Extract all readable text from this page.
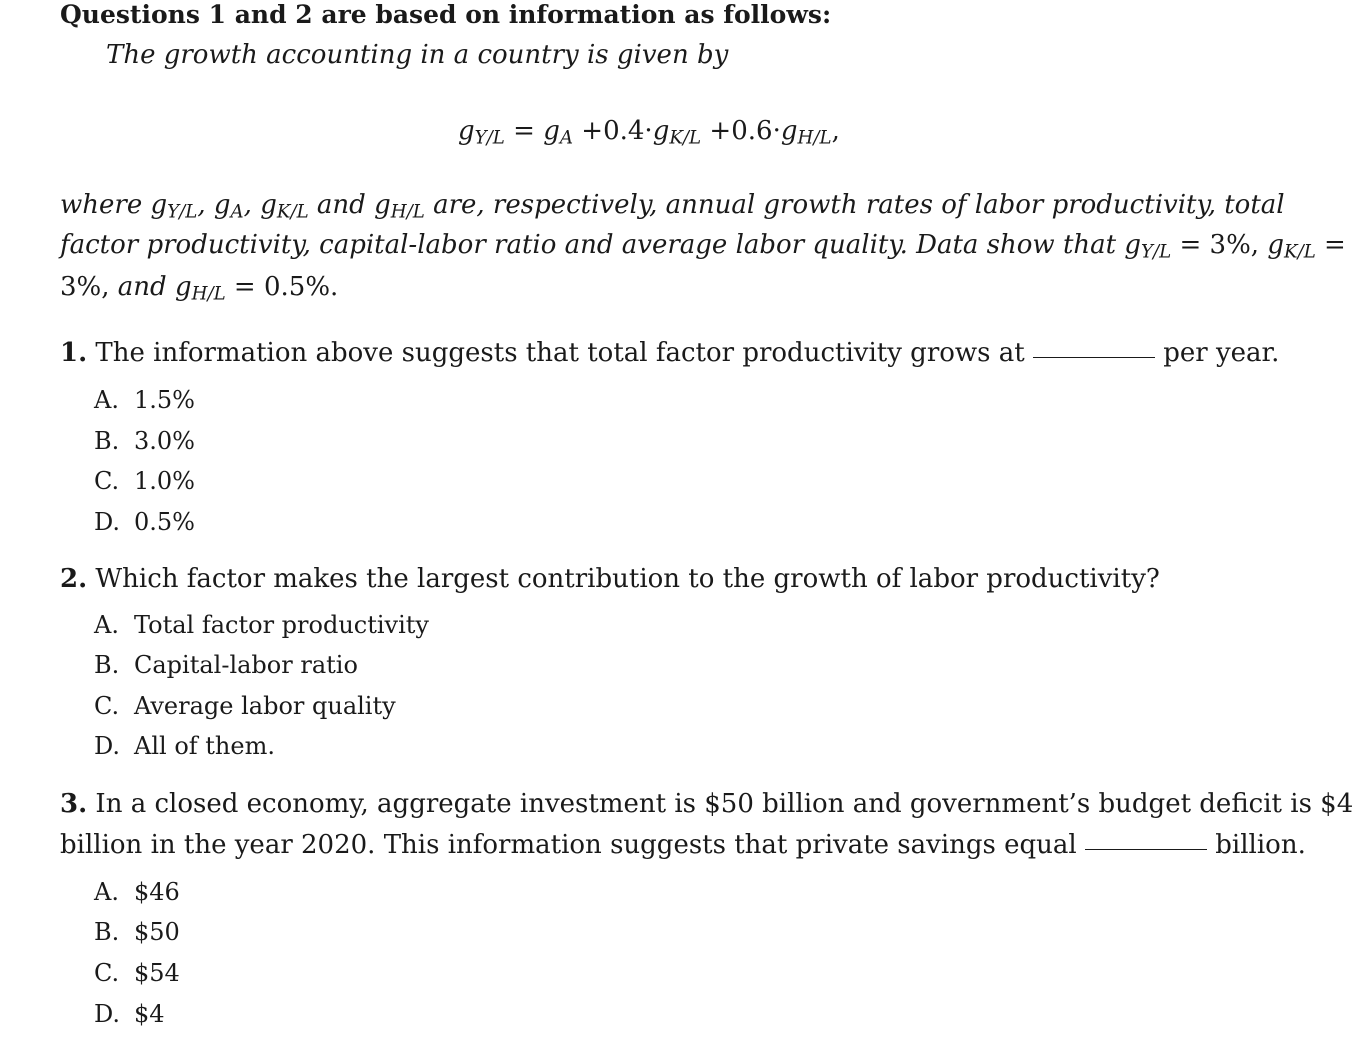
Questions 1 and 2 are based on information as follows:
The growth accounting in a country is given by
$g_{Y/L} = g_A +0.4\cdot g_{K/L} +0.6\cdot g_{H/L}$,
where $g_{Y/L}$, $g_A$, $g_{K/L}$ and $g_{H/L}$ are, respectively, annual growth rates of labor productivity, total
factor productivity, capital-labor ratio and average labor quality. Data show that $g_{Y/L} = 3\%$, $g_{K/L}$ =
3%, and $g_{H/L} = 0.5\%$.
1. The information above suggests that total factor productivity grows at	per year.
A. 1.5%
B. 3.0%
C. 1.0%
D. 0.5%
2. Which factor makes the largest contribution to the growth of labor productivity?
A. Total factor productivity
B. Capital-labor ratio
C. Average labor quality
D. All of them.
3. In a closed economy, aggregate investment is $50 billion and government’s budget deficit is $4
billion in the year 2020. This information suggests that private savings equal	billion.
A. $46
B. $50
C. $54
D. $4
